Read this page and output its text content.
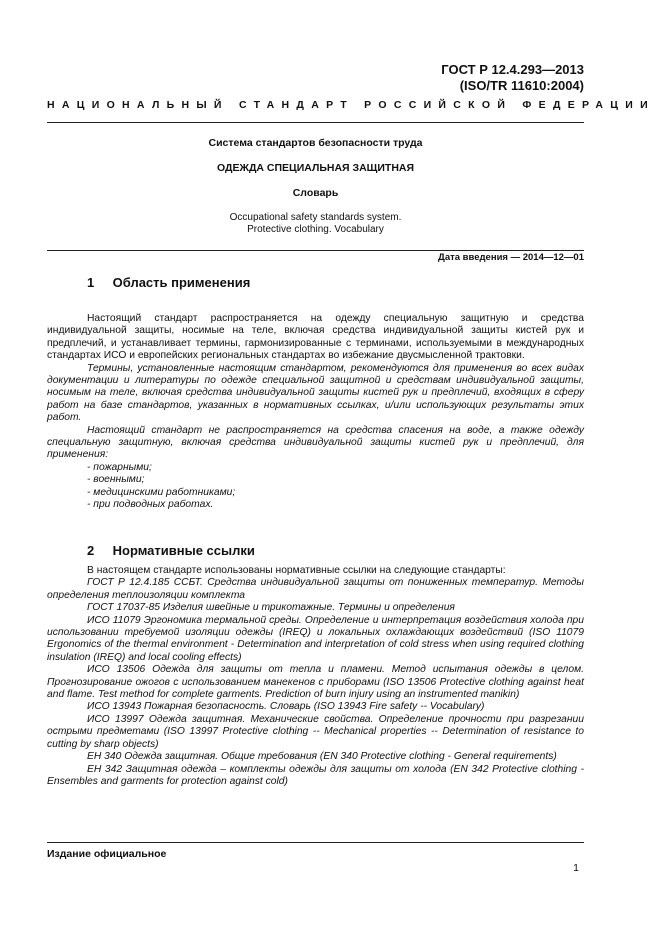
ГОСТ Р 12.4.293—2013
(ISO/TR 11610:2004)
НАЦИОНАЛЬНЫЙ СТАНДАРТ РОССИЙСКОЙ ФЕДЕРАЦИИ
Система стандартов безопасности труда
ОДЕЖДА СПЕЦИАЛЬНАЯ ЗАЩИТНАЯ
Словарь
Occupational safety standards system.
Protective clothing. Vocabulary
Дата введения — 2014—12—01
1 Область применения

Настоящий стандарт распространяется на одежду специальную защитную и средства индивидуальной защиты, носимые на теле, включая средства индивидуальной защиты кистей рук и предплечий, и устанавливает термины, гармонизированные с терминами, используемыми в международных стандартах ИСО и европейских региональных стандартах во избежание двусмысленной трактовки.

Термины, установленные настоящим стандартом, рекомендуются для применения во всех видах документации и литературы по одежде специальной защитной и средствам индивидуальной защиты, носимым на теле, включая средства индивидуальной защиты кистей рук и предплечий, входящих в сферу работ на базе стандартов, указанных в нормативных ссылках, и/или использующих результаты этих работ.

Настоящий стандарт не распространяется на средства спасения на воде, а также одежду специальную защитную, включая средства индивидуальной защиты кистей рук и предплечий, для применения:

- пожарными;

- военными;

- медицинскими работниками;

- при подводных работах.

2 Нормативные ссылки

В настоящем стандарте использованы нормативные ссылки на следующие стандарты:

ГОСТ Р 12.4.185 ССБТ. Средства индивидуальной защиты от пониженных температур. Методы определения теплоизоляции комплекта

ГОСТ 17037-85 Изделия швейные и трикотажные. Термины и определения

ИСО 11079 Эргономика термальной среды. Определение и интерпретация воздействия холода при использовании требуемой изоляции одежды (IREQ) и локальных охлаждающих воздействий (ISO 11079 Ergonomics of the thermal environment - Determination and interpretation of cold stress when using required clothing insulation (IREQ) and local cooling effects)

ИСО 13506 Одежда для защиты от тепла и пламени. Метод испытания одежды в целом. Прогнозирование ожогов с использованием манекенов с приборами (ISO 13506 Protective clothing against heat and flame. Test method for complete garments. Prediction of burn injury using an instrumented manikin)

ИСО 13943 Пожарная безопасность. Словарь (ISO 13943 Fire safety -- Vocabulary)

ИСО 13997 Одежда защитная. Механические свойства. Определение прочности при разрезании острыми предметами (ISO 13997 Protective clothing -- Mechanical properties -- Determination of resistance to cutting by sharp objects)

ЕН 340 Одежда защитная. Общие требования (EN 340 Protective clothing - General requirements)

ЕН 342 Защитная одежда – комплекты одежды для защиты от холода (EN 342 Protective clothing - Ensembles and garments for protection against cold)

Издание официальное
1
